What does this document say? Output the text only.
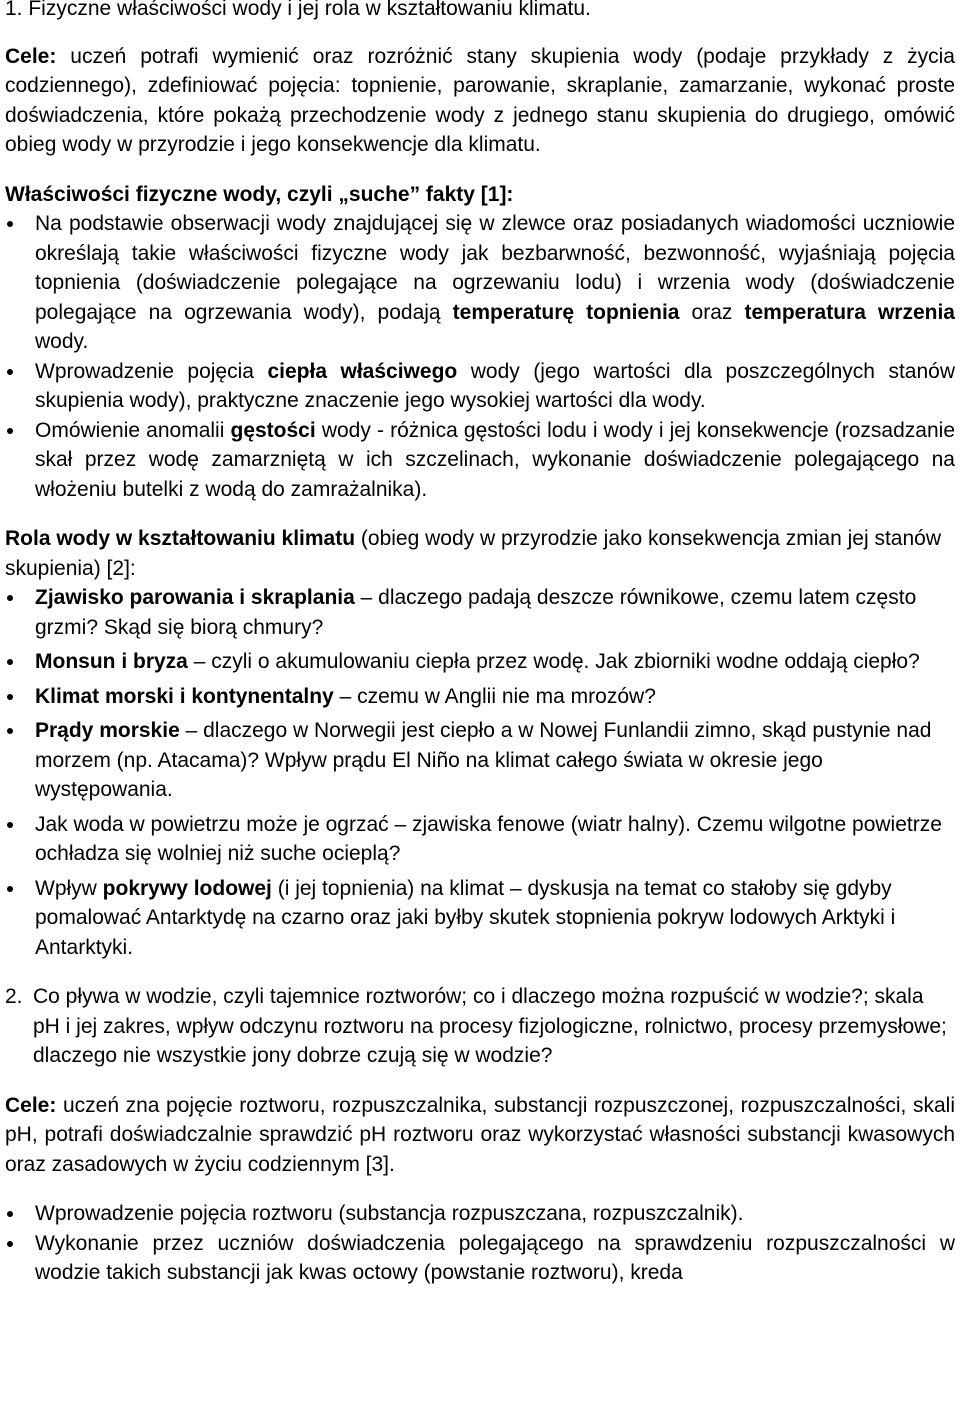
1. Fizyczne właściwości wody i jej rola w kształtowaniu klimatu.

Cele: uczeń potrafi wymienić oraz rozróżnić stany skupienia wody (podaje przykłady z życia codziennego), zdefiniować pojęcia: topnienie, parowanie, skraplanie, zamarzanie, wykonać proste doświadczenia, które pokażą przechodzenie wody z jednego stanu skupienia do drugiego, omówić obieg wody w przyrodzie i jego konsekwencje dla klimatu.

Właściwości fizyczne wody, czyli „suche” fakty [1]:

Na podstawie obserwacji wody znajdującej się w zlewce oraz posiadanych wiadomości uczniowie określają takie właściwości fizyczne wody jak bezbarwność, bezwonność, wyjaśniają pojęcia topnienia (doświadczenie polegające na ogrzewaniu lodu) i wrzenia wody (doświadczenie polegające na ogrzewania wody), podają temperaturę topnienia oraz temperatura wrzenia wody.
Wprowadzenie pojęcia ciepła właściwego wody (jego wartości dla poszczególnych stanów skupienia wody), praktyczne znaczenie jego wysokiej wartości dla wody.
Omówienie anomalii gęstości wody - różnica gęstości lodu i wody i jej konsekwencje (rozsadzanie skał przez wodę zamarzniętą w ich szczelinach, wykonanie doświadczenie polegającego na włożeniu butelki z wodą do zamrażalnika).

Rola wody w kształtowaniu klimatu (obieg wody w przyrodzie jako konsekwencja zmian jej stanów skupienia) [2]:

Zjawisko parowania i skraplania – dlaczego padają deszcze równikowe, czemu latem często grzmi? Skąd się biorą chmury?
Monsun i bryza – czyli o akumulowaniu ciepła przez wodę. Jak zbiorniki wodne oddają ciepło?
Klimat morski i kontynentalny – czemu w Anglii nie ma mrozów?
Prądy morskie – dlaczego w Norwegii jest ciepło a w Nowej Funlandii zimno, skąd pustynie nad morzem (np. Atacama)? Wpływ prądu El Niño na klimat całego świata w okresie jego występowania.
Jak woda w powietrzu może je ogrzać – zjawiska fenowe (wiatr halny). Czemu wilgotne powietrze ochładza się wolniej niż suche ocieplą?
Wpływ pokrywy lodowej (i jej topnienia) na klimat – dyskusja na temat co stałoby się gdyby pomalować Antarktydę na czarno oraz jaki byłby skutek stopnienia pokryw lodowych Arktyki i Antarktyki.
2. Co pływa w wodzie, czyli tajemnice roztworów; co i dlaczego można rozpuścić w wodzie?; skala pH i jej zakres, wpływ odczynu roztworu na procesy fizjologiczne, rolnictwo, procesy przemysłowe; dlaczego nie wszystkie jony dobrze czują się w wodzie?

Cele: uczeń zna pojęcie roztworu, rozpuszczalnika, substancji rozpuszczonej, rozpuszczalności, skali pH, potrafi doświadczalnie sprawdzić pH roztworu oraz wykorzystać własności substancji kwasowych oraz zasadowych w życiu codziennym [3].

Wprowadzenie pojęcia roztworu (substancja rozpuszczana, rozpuszczalnik).
Wykonanie przez uczniów doświadczenia polegającego na sprawdzeniu rozpuszczalności w wodzie takich substancji jak kwas octowy (powstanie roztworu), kreda
